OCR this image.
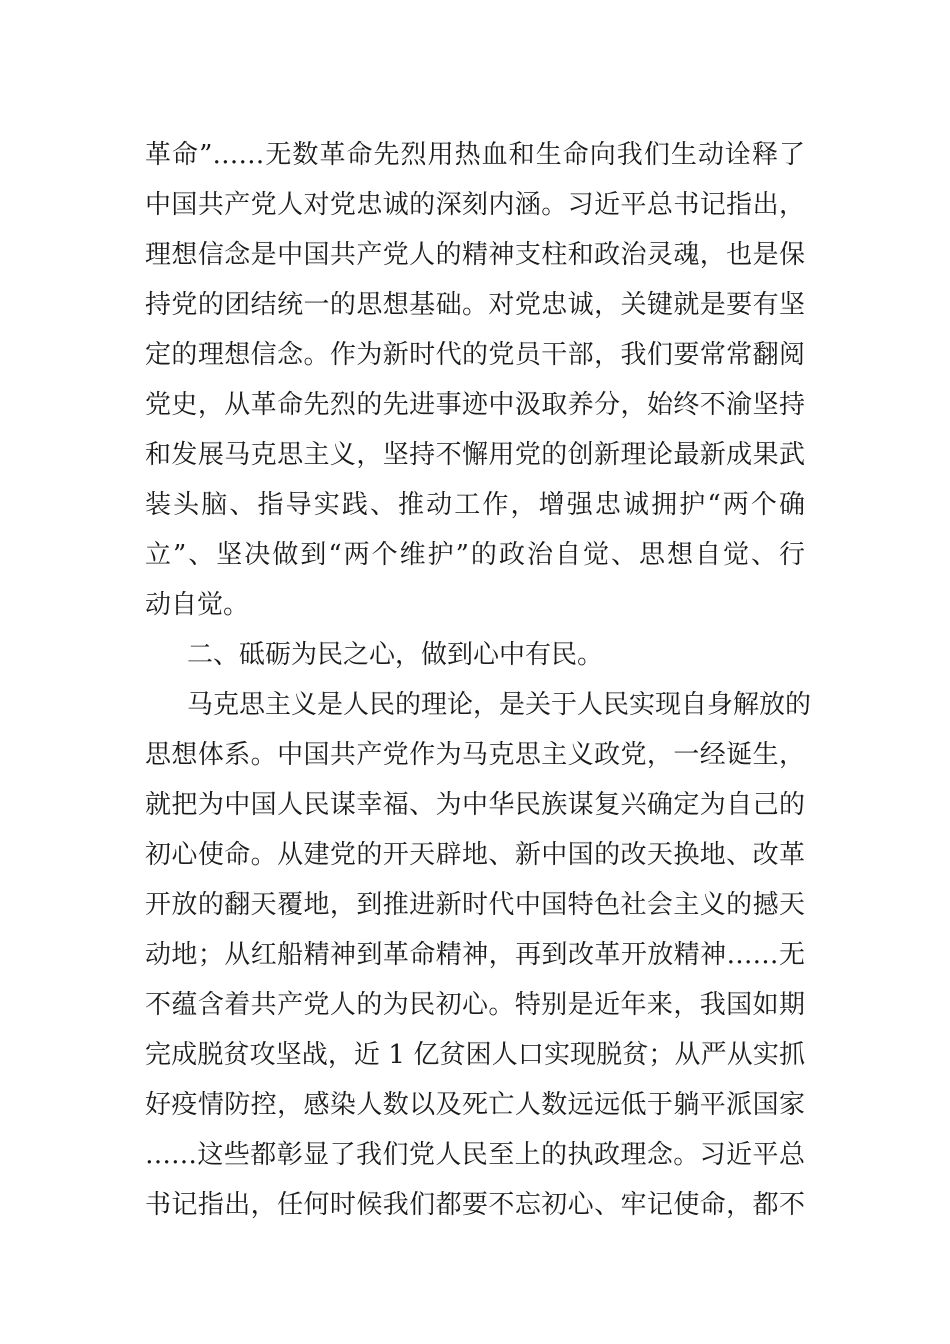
革命”……无数革命先烈用热血和生命向我们生动诠释了
中国共产党人对党忠诚的深刻内涵。习近平总书记指出，
理想信念是中国共产党人的精神支柱和政治灵魂，也是保
持党的团结统一的思想基础。对党忠诚，关键就是要有坚
定的理想信念。作为新时代的党员干部，我们要常常翻阅
党史，从革命先烈的先进事迹中汲取养分，始终不渝坚持
和发展马克思主义，坚持不懈用党的创新理论最新成果武
装头脑、指导实践、推动工作，增强忠诚拥护“两个确
立”、坚决做到“两个维护”的政治自觉、思想自觉、行
动自觉。
二、砥砺为民之心，做到心中有民。
马克思主义是人民的理论，是关于人民实现自身解放的
思想体系。中国共产党作为马克思主义政党，一经诞生，
就把为中国人民谋幸福、为中华民族谋复兴确定为自己的
初心使命。从建党的开天辟地、新中国的改天换地、改革
开放的翻天覆地，到推进新时代中国特色社会主义的撼天
动地；从红船精神到革命精神，再到改革开放精神……无
不蕴含着共产党人的为民初心。特别是近年来，我国如期
完成脱贫攻坚战，近 1 亿贫困人口实现脱贫；从严从实抓
好疫情防控，感染人数以及死亡人数远远低于躺平派国家
……这些都彰显了我们党人民至上的执政理念。习近平总
书记指出，任何时候我们都要不忘初心、牢记使命，都不
